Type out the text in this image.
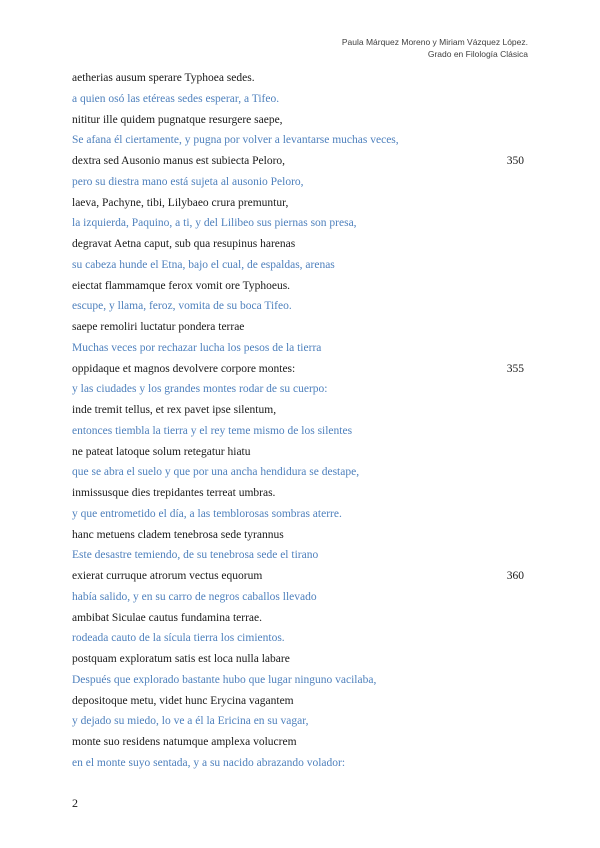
Paula Márquez Moreno y Miriam Vázquez López.
Grado en Filología Clásica
aetherias ausum sperare Typhoea sedes.
a quien osó las etéreas sedes esperar, a Tifeo.
nititur ille quidem pugnatque resurgere saepe,
Se afana él ciertamente, y pugna por volver a levantarse muchas veces,
dextra sed Ausonio manus est subiecta Peloro,	350
pero su diestra mano está sujeta al ausonio Peloro,
laeva, Pachyne, tibi, Lilybaeo crura premuntur,
la izquierda, Paquino, a ti, y del Lilibeo sus piernas son presa,
degravat Aetna caput, sub qua resupinus harenas
su cabeza hunde el Etna, bajo el cual, de espaldas, arenas
eiectat flammamque ferox vomit ore Typhoeus.
escupe, y llama, feroz, vomita de su boca Tifeo.
saepe remoliri luctatur pondera terrae
Muchas veces por rechazar lucha los pesos de la tierra
oppidaque et magnos devolvere corpore montes:	355
y las ciudades y los grandes montes rodar de su cuerpo:
inde tremit tellus, et rex pavet ipse silentum,
entonces tiembla la tierra y el rey teme mismo de los silentes
ne pateat latoque solum retegatur hiatu
que se abra el suelo y que por una ancha hendidura se destape,
inmissusque dies trepidantes terreat umbras.
y que entrometido el día, a las temblorosas sombras aterre.
hanc metuens cladem tenebrosa sede tyrannus
Este desastre temiendo, de su tenebrosa sede el tirano
exierat curruque atrorum vectus equorum	360
había salido, y en su carro de negros caballos llevado
ambibat Siculae cautus fundamina terrae.
rodeada cauto de la sícula tierra los cimientos.
postquam exploratum satis est loca nulla labare
Después que explorado bastante hubo que lugar ninguno vacilaba,
depositoque metu, videt hunc Erycina vagantem
y dejado su miedo, lo ve a él la Ericina en su vagar,
monte suo residens natumque amplexa volucrem
en el monte suyo sentada, y a su nacido abrazando volador:
2
